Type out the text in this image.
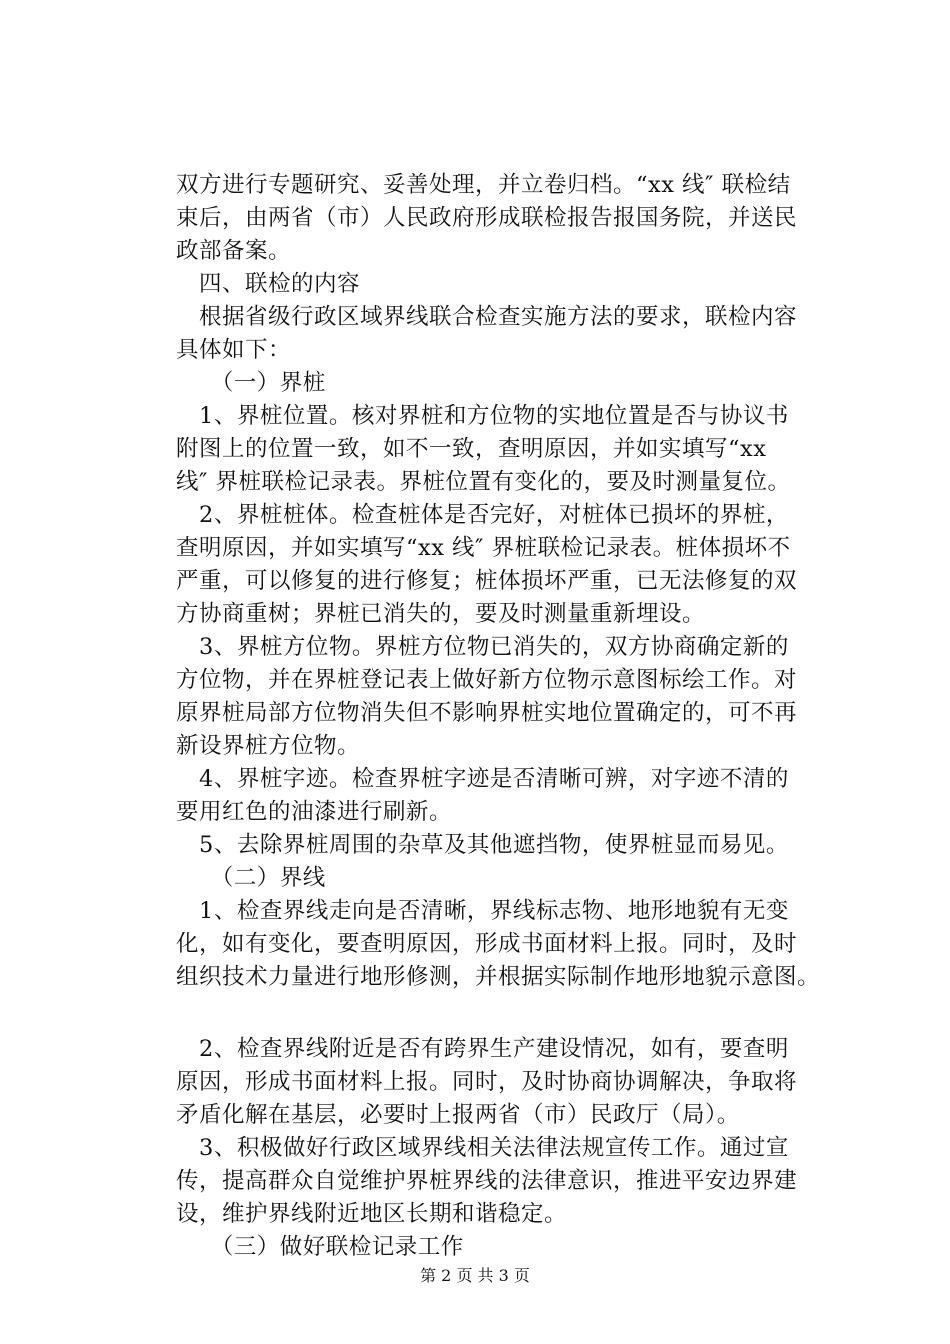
双方进行专题研究、妥善处理，并立卷归档。“xx 线″ 联检结
束后，由两省（市）人民政府形成联检报告报国务院，并送民
政部备案。
　四、联检的内容
　根据省级行政区域界线联合检查实施方法的要求，联检内容
具体如下：
　　（一）界桩
　1、界桩位置。核对界桩和方位物的实地位置是否与协议书
附图上的位置一致，如不一致，查明原因，并如实填写“xx
线″ 界桩联检记录表。界桩位置有变化的，要及时测量复位。
　2、界桩桩体。检查桩体是否完好，对桩体已损坏的界桩，
查明原因，并如实填写“xx 线″ 界桩联检记录表。桩体损坏不
严重，可以修复的进行修复；桩体损坏严重，已无法修复的双
方协商重树；界桩已消失的，要及时测量重新埋设。
　3、界桩方位物。界桩方位物已消失的，双方协商确定新的
方位物，并在界桩登记表上做好新方位物示意图标绘工作。对
原界桩局部方位物消失但不影响界桩实地位置确定的，可不再
新设界桩方位物。
　4、界桩字迹。检查界桩字迹是否清晰可辨，对字迹不清的
要用红色的油漆进行刷新。
　5、去除界桩周围的杂草及其他遮挡物，使界桩显而易见。
　　（二）界线
　1、检查界线走向是否清晰，界线标志物、地形地貌有无变
化，如有变化，要查明原因，形成书面材料上报。同时，及时
组织技术力量进行地形修测，并根据实际制作地形地貌示意图。
　2、检查界线附近是否有跨界生产建设情况，如有，要查明
原因，形成书面材料上报。同时，及时协商协调解决，争取将
矛盾化解在基层，必要时上报两省（市）民政厅（局）。
　3、积极做好行政区域界线相关法律法规宣传工作。通过宣
传，提高群众自觉维护界桩界线的法律意识，推进平安边界建
设，维护界线附近地区长期和谐稳定。
　　（三）做好联检记录工作
第 2 页 共 3 页
